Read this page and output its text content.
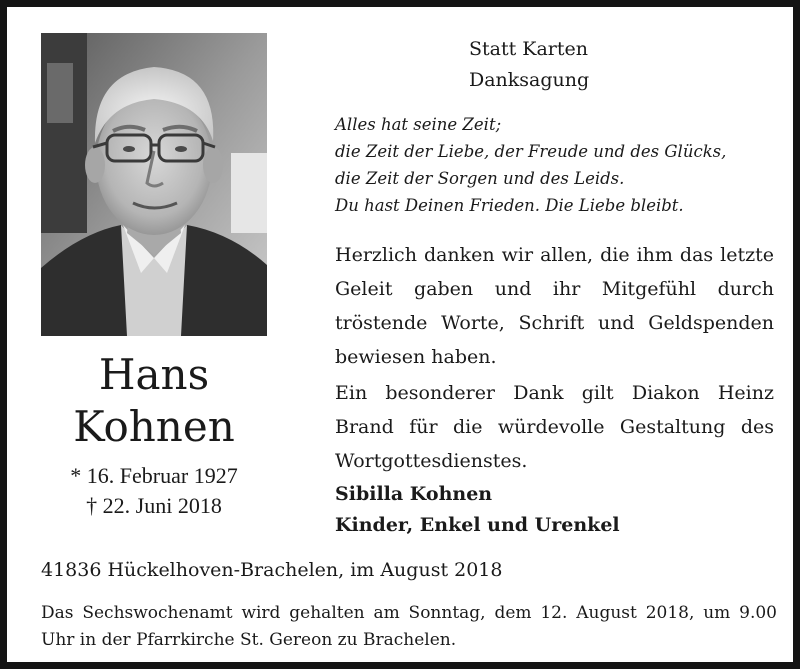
Hans
Kohnen
* 16. Februar 1927
† 22. Juni 2018
Statt Karten
Danksagung
Alles hat seine Zeit;
die Zeit der Liebe, der Freude und des Glücks,
die Zeit der Sorgen und des Leids.
Du hast Deinen Frieden. Die Liebe bleibt.

Herzlich danken wir allen, die ihm das letzte Geleit gaben und ihr Mitgefühl durch tröstende Worte, Schrift und Geldspenden bewiesen haben.

Ein besonderer Dank gilt Diakon Heinz Brand für die würdevolle Gestaltung des Wortgottesdienstes.

Sibilla Kohnen
Kinder, Enkel und Urenkel
41836 Hückelhoven-Brachelen, im August 2018
Das Sechswochenamt wird gehalten am Sonntag, dem 12. August 2018, um 9.00 Uhr in der Pfarrkirche St. Gereon zu Brachelen.
